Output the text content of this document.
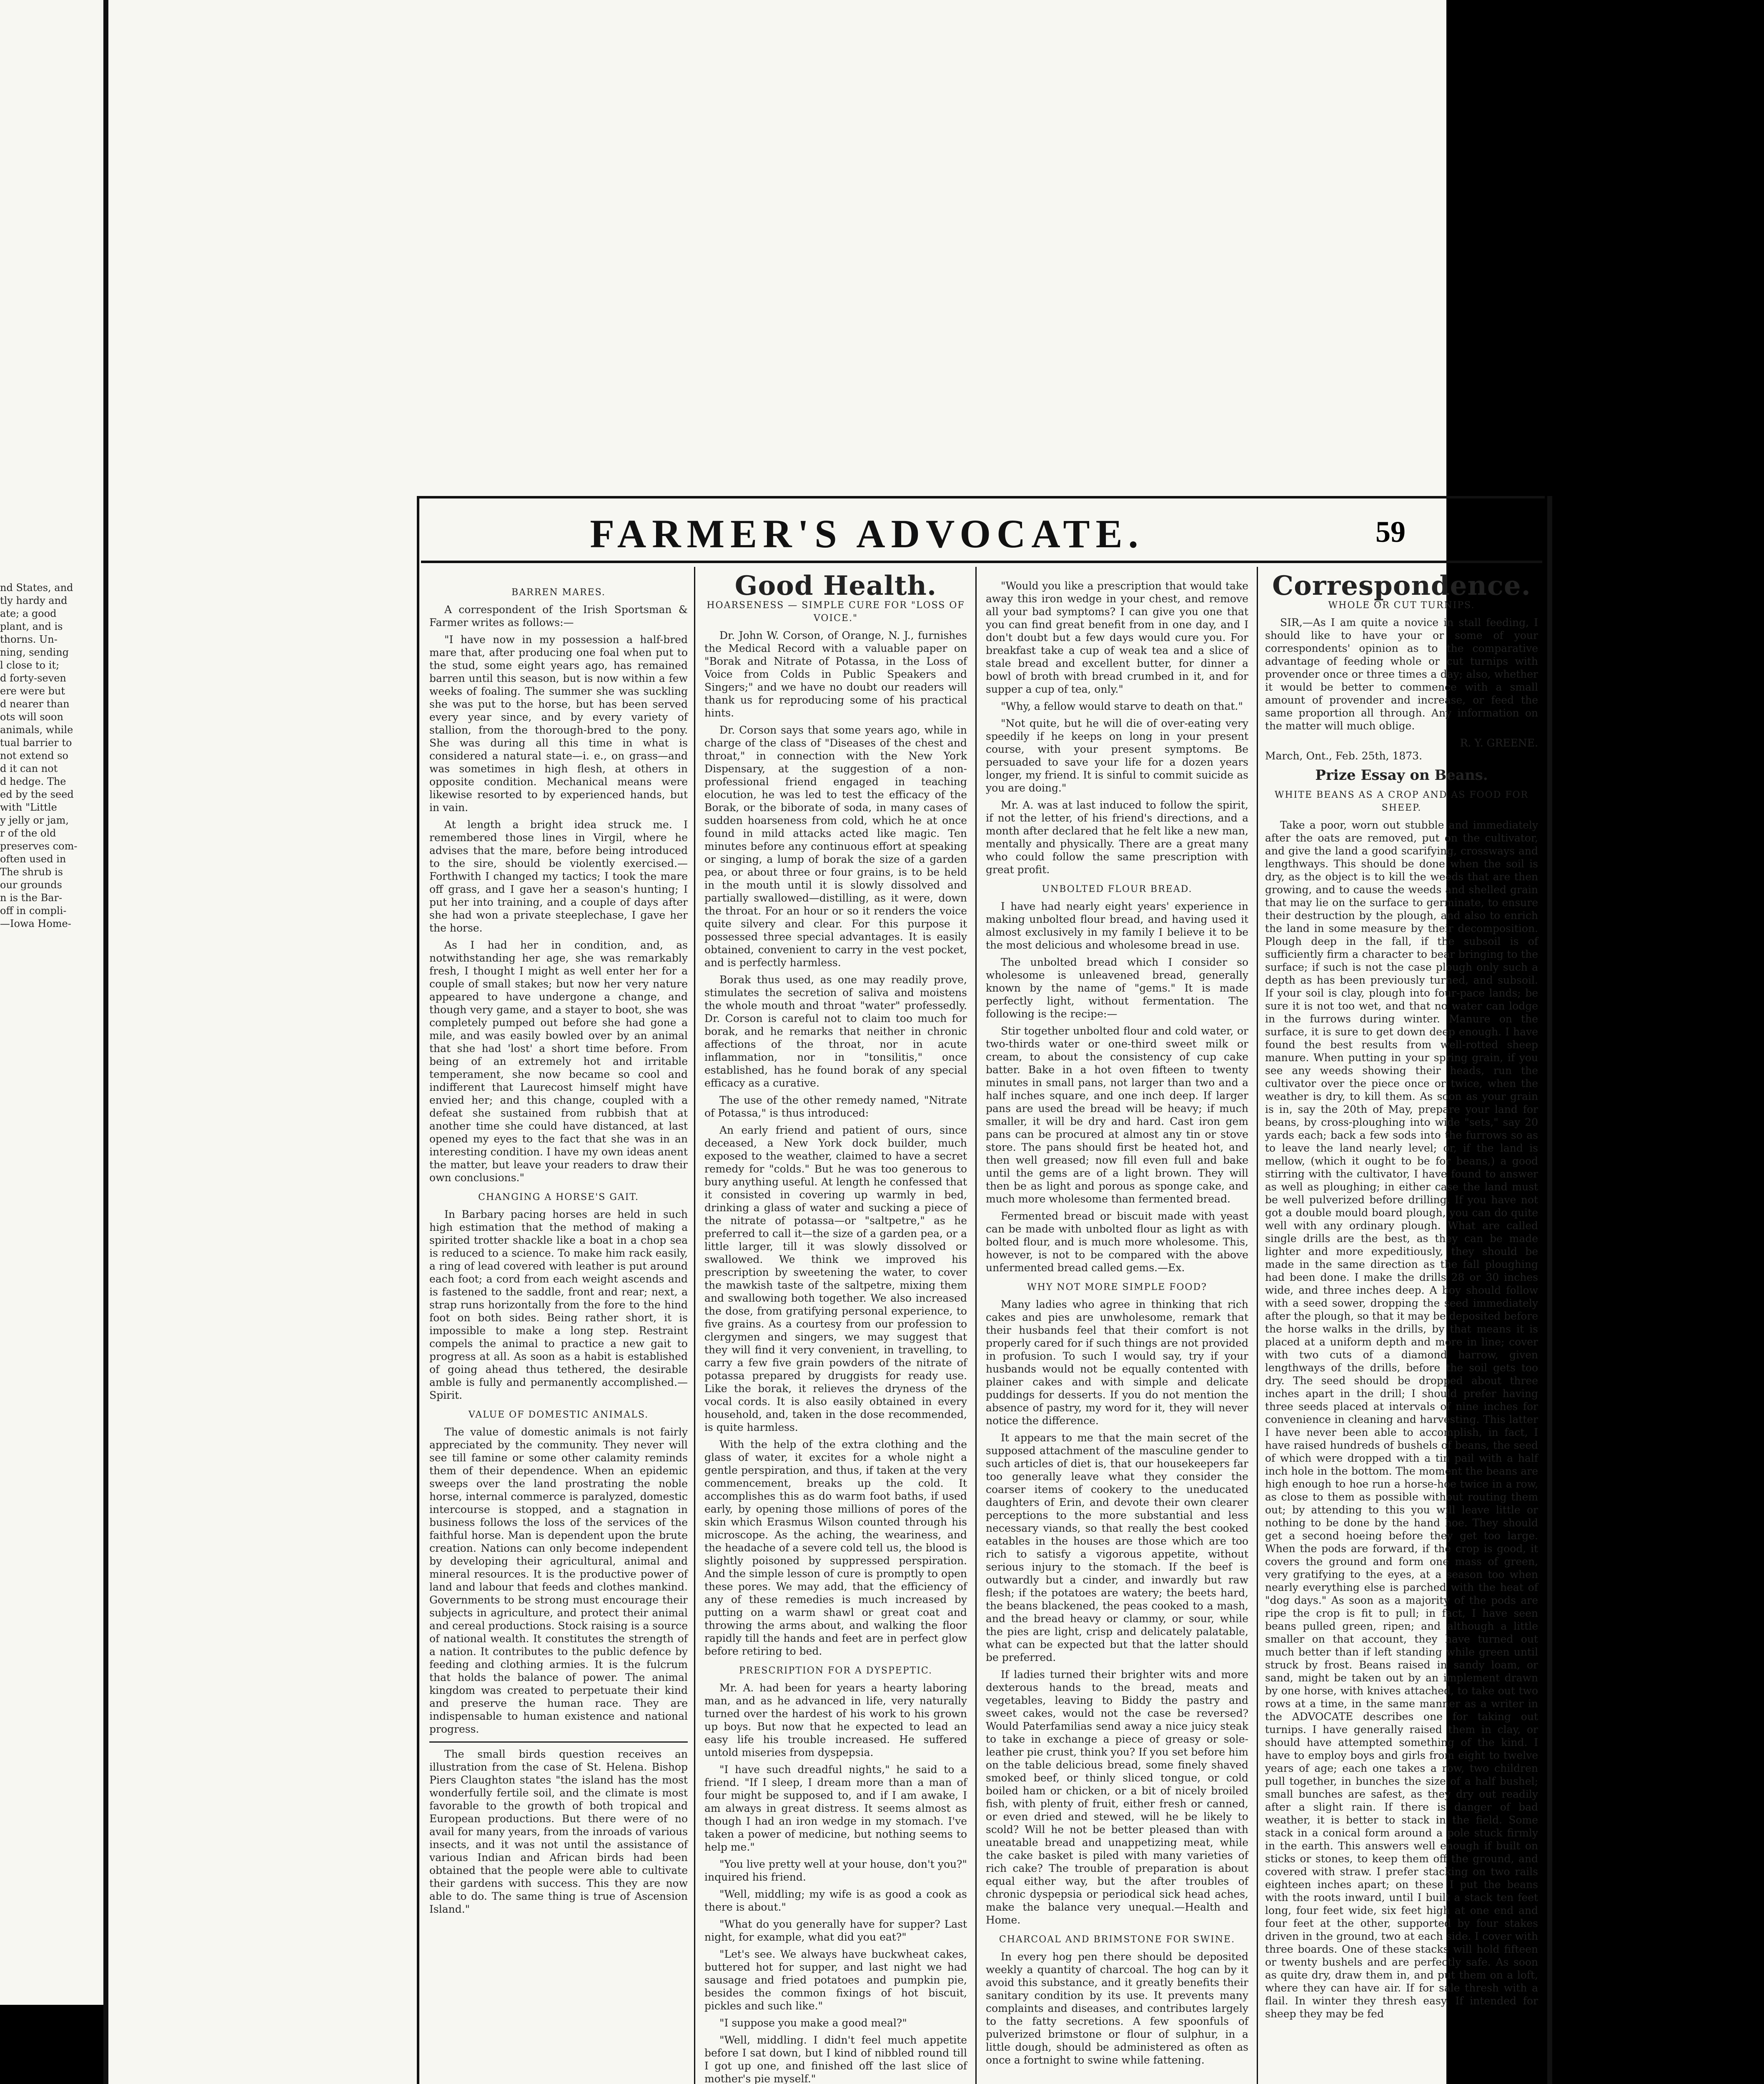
nd States, and
tly hardy and
ate; a good
plant, and is
thorns. Un-
ning, sending
l close to it;
d forty-seven
ere were but
d nearer than
ots will soon
animals, while
tual barrier to
not extend so
d it can not
d hedge. The
ed by the seed
with "Little
y jelly or jam,
r of the old
preserves com-
often used in
The shrub is
our grounds
n is the Bar-
off in compli-
—Iowa Home-
FARMER'S ADVOCATE.	59
BARREN MARES.

A correspondent of the Irish Sportsman & Farmer writes as follows:—

"I have now in my possession a half-bred mare that, after producing one foal when put to the stud, some eight years ago, has remained barren until this season, but is now within a few weeks of foaling. The summer she was suckling she was put to the horse, but has been served every year since, and by every variety of stallion, from the thorough-bred to the pony. She was during all this time in what is considered a natural state—i. e., on grass—and was sometimes in high flesh, at others in opposite condition. Mechanical means were likewise resorted to by experienced hands, but in vain.

At length a bright idea struck me. I remembered those lines in Virgil, where he advises that the mare, before being introduced to the sire, should be violently exercised.—Forthwith I changed my tactics; I took the mare off grass, and I gave her a season's hunting; I put her into training, and a couple of days after she had won a private steeplechase, I gave her the horse.

As I had her in condition, and, as notwithstanding her age, she was remarkably fresh, I thought I might as well enter her for a couple of small stakes; but now her very nature appeared to have undergone a change, and though very game, and a stayer to boot, she was completely pumped out before she had gone a mile, and was easily bowled over by an animal that she had 'lost' a short time before. From being of an extremely hot and irritable temperament, she now became so cool and indifferent that Laurecost himself might have envied her; and this change, coupled with a defeat she sustained from rubbish that at another time she could have distanced, at last opened my eyes to the fact that she was in an interesting condition. I have my own ideas anent the matter, but leave your readers to draw their own conclusions."

CHANGING A HORSE'S GAIT.

In Barbary pacing horses are held in such high estimation that the method of making a spirited trotter shackle like a boat in a chop sea is reduced to a science. To make him rack easily, a ring of lead covered with leather is put around each foot; a cord from each weight ascends and is fastened to the saddle, front and rear; next, a strap runs horizontally from the fore to the hind foot on both sides. Being rather short, it is impossible to make a long step. Restraint compels the animal to practice a new gait to progress at all. As soon as a habit is established of going ahead thus tethered, the desirable amble is fully and permanently accomplished.—Spirit.

VALUE OF DOMESTIC ANIMALS.

The value of domestic animals is not fairly appreciated by the community. They never will see till famine or some other calamity reminds them of their dependence. When an epidemic sweeps over the land prostrating the noble horse, internal commerce is paralyzed, domestic intercourse is stopped, and a stagnation in business follows the loss of the services of the faithful horse. Man is dependent upon the brute creation. Nations can only become independent by developing their agricultural, animal and mineral resources. It is the productive power of land and labour that feeds and clothes mankind. Governments to be strong must encourage their subjects in agriculture, and protect their animal and cereal productions. Stock raising is a source of national wealth. It constitutes the strength of a nation. It contributes to the public defence by feeding and clothing armies. It is the fulcrum that holds the balance of power. The animal kingdom was created to perpetuate their kind and preserve the human race. They are indispensable to human existence and national progress.

The small birds question receives an illustration from the case of St. Helena. Bishop Piers Claughton states "the island has the most wonderfully fertile soil, and the climate is most favorable to the growth of both tropical and European productions. But there were of no avail for many years, from the inroads of various insects, and it was not until the assistance of various Indian and African birds had been obtained that the people were able to cultivate their gardens with success. This they are now able to do. The same thing is true of Ascension Island."

Good Health.
HOARSENESS — SIMPLE CURE FOR "LOSS OF VOICE."

Dr. John W. Corson, of Orange, N. J., furnishes the Medical Record with a valuable paper on "Borak and Nitrate of Potassa, in the Loss of Voice from Colds in Public Speakers and Singers;" and we have no doubt our readers will thank us for reproducing some of his practical hints.

Dr. Corson says that some years ago, while in charge of the class of "Diseases of the chest and throat," in connection with the New York Dispensary, at the suggestion of a non-professional friend engaged in teaching elocution, he was led to test the efficacy of the Borak, or the biborate of soda, in many cases of sudden hoarseness from cold, which he at once found in mild attacks acted like magic. Ten minutes before any continuous effort at speaking or singing, a lump of borak the size of a garden pea, or about three or four grains, is to be held in the mouth until it is slowly dissolved and partially swallowed—distilling, as it were, down the throat. For an hour or so it renders the voice quite silvery and clear. For this purpose it possessed three special advantages. It is easily obtained, convenient to carry in the vest pocket, and is perfectly harmless.

Borak thus used, as one may readily prove, stimulates the secretion of saliva and moistens the whole mouth and throat "water" professedly. Dr. Corson is careful not to claim too much for borak, and he remarks that neither in chronic affections of the throat, nor in acute inflammation, nor in "tonsilitis," once established, has he found borak of any special efficacy as a curative.

The use of the other remedy named, "Nitrate of Potassa," is thus introduced:

An early friend and patient of ours, since deceased, a New York dock builder, much exposed to the weather, claimed to have a secret remedy for "colds." But he was too generous to bury anything useful. At length he confessed that it consisted in covering up warmly in bed, drinking a glass of water and sucking a piece of the nitrate of potassa—or "saltpetre," as he preferred to call it—the size of a garden pea, or a little larger, till it was slowly dissolved or swallowed. We think we improved his prescription by sweetening the water, to cover the mawkish taste of the saltpetre, mixing them and swallowing both together. We also increased the dose, from gratifying personal experience, to five grains. As a courtesy from our profession to clergymen and singers, we may suggest that they will find it very convenient, in travelling, to carry a few five grain powders of the nitrate of potassa prepared by druggists for ready use. Like the borak, it relieves the dryness of the vocal cords. It is also easily obtained in every household, and, taken in the dose recommended, is quite harmless.

With the help of the extra clothing and the glass of water, it excites for a whole night a gentle perspiration, and thus, if taken at the very commencement, breaks up the cold. It accomplishes this as do warm foot baths, if used early, by opening those millions of pores of the skin which Erasmus Wilson counted through his microscope. As the aching, the weariness, and the headache of a severe cold tell us, the blood is slightly poisoned by suppressed perspiration. And the simple lesson of cure is promptly to open these pores. We may add, that the efficiency of any of these remedies is much increased by putting on a warm shawl or great coat and throwing the arms about, and walking the floor rapidly till the hands and feet are in perfect glow before retiring to bed.

PRESCRIPTION FOR A DYSPEPTIC.

Mr. A. had been for years a hearty laboring man, and as he advanced in life, very naturally turned over the hardest of his work to his grown up boys. But now that he expected to lead an easy life his trouble increased. He suffered untold miseries from dyspepsia.

"I have such dreadful nights," he said to a friend. "If I sleep, I dream more than a man of four might be supposed to, and if I am awake, I am always in great distress. It seems almost as though I had an iron wedge in my stomach. I've taken a power of medicine, but nothing seems to help me."

"You live pretty well at your house, don't you?" inquired his friend.

"Well, middling; my wife is as good a cook as there is about."

"What do you generally have for supper? Last night, for example, what did you eat?"

"Let's see. We always have buckwheat cakes, buttered hot for supper, and last night we had sausage and fried potatoes and pumpkin pie, besides the common fixings of hot biscuit, pickles and such like."

"I suppose you make a good meal?"

"Well, middling. I didn't feel much appetite before I sat down, but I kind of nibbled round till I got up one, and finished off the last slice of mother's pie myself."

"Would you like a prescription that would take away this iron wedge in your chest, and remove all your bad symptoms? I can give you one that you can find great benefit from in one day, and I don't doubt but a few days would cure you. For breakfast take a cup of weak tea and a slice of stale bread and excellent butter, for dinner a bowl of broth with bread crumbed in it, and for supper a cup of tea, only."

"Why, a fellow would starve to death on that."

"Not quite, but he will die of over-eating very speedily if he keeps on long in your present course, with your present symptoms. Be persuaded to save your life for a dozen years longer, my friend. It is sinful to commit suicide as you are doing."

Mr. A. was at last induced to follow the spirit, if not the letter, of his friend's directions, and a month after declared that he felt like a new man, mentally and physically. There are a great many who could follow the same prescription with great profit.

UNBOLTED FLOUR BREAD.

I have had nearly eight years' experience in making unbolted flour bread, and having used it almost exclusively in my family I believe it to be the most delicious and wholesome bread in use.

The unbolted bread which I consider so wholesome is unleavened bread, generally known by the name of "gems." It is made perfectly light, without fermentation. The following is the recipe:—

Stir together unbolted flour and cold water, or two-thirds water or one-third sweet milk or cream, to about the consistency of cup cake batter. Bake in a hot oven fifteen to twenty minutes in small pans, not larger than two and a half inches square, and one inch deep. If larger pans are used the bread will be heavy; if much smaller, it will be dry and hard. Cast iron gem pans can be procured at almost any tin or stove store. The pans should first be heated hot, and then well greased; now fill even full and bake until the gems are of a light brown. They will then be as light and porous as sponge cake, and much more wholesome than fermented bread.

Fermented bread or biscuit made with yeast can be made with unbolted flour as light as with bolted flour, and is much more wholesome. This, however, is not to be compared with the above unfermented bread called gems.—Ex.

WHY NOT MORE SIMPLE FOOD?

Many ladies who agree in thinking that rich cakes and pies are unwholesome, remark that their husbands feel that their comfort is not properly cared for if such things are not provided in profusion. To such I would say, try if your husbands would not be equally contented with plainer cakes and with simple and delicate puddings for desserts. If you do not mention the absence of pastry, my word for it, they will never notice the difference.

It appears to me that the main secret of the supposed attachment of the masculine gender to such articles of diet is, that our housekeepers far too generally leave what they consider the coarser items of cookery to the uneducated daughters of Erin, and devote their own clearer perceptions to the more substantial and less necessary viands, so that really the best cooked eatables in the houses are those which are too rich to satisfy a vigorous appetite, without serious injury to the stomach. If the beef is outwardly but a cinder, and inwardly but raw flesh; if the potatoes are watery; the beets hard, the beans blackened, the peas cooked to a mash, and the bread heavy or clammy, or sour, while the pies are light, crisp and delicately palatable, what can be expected but that the latter should be preferred.

If ladies turned their brighter wits and more dexterous hands to the bread, meats and vegetables, leaving to Biddy the pastry and sweet cakes, would not the case be reversed? Would Paterfamilias send away a nice juicy steak to take in exchange a piece of greasy or sole-leather pie crust, think you? If you set before him on the table delicious bread, some finely shaved smoked beef, or thinly sliced tongue, or cold boiled ham or chicken, or a bit of nicely broiled fish, with plenty of fruit, either fresh or canned, or even dried and stewed, will he be likely to scold? Will he not be better pleased than with uneatable bread and unappetizing meat, while the cake basket is piled with many varieties of rich cake? The trouble of preparation is about equal either way, but the after troubles of chronic dyspepsia or periodical sick head aches, make the balance very unequal.—Health and Home.

CHARCOAL AND BRIMSTONE FOR SWINE.

In every hog pen there should be deposited weekly a quantity of charcoal. The hog can by it avoid this substance, and it greatly benefits their sanitary condition by its use. It prevents many complaints and diseases, and contributes largely to the fatty secretions. A few spoonfuls of pulverized brimstone or flour of sulphur, in a little dough, should be administered as often as once a fortnight to swine while fattening.

Correspondence.
WHOLE OR CUT TURNIPS.

SIR,—As I am quite a novice in stall feeding, I should like to have your or some of your correspondents' opinion as to the comparative advantage of feeding whole or cut turnips with provender once or three times a day; also, whether it would be better to commence with a small amount of provender and increase, or feed the same proportion all through. Any information on the matter will much oblige.

R. Y. GREENE.
March, Ont., Feb. 25th, 1873.
Prize Essay on Beans.
WHITE BEANS AS A CROP AND AS FOOD FOR SHEEP.

Take a poor, worn out stubble and immediately after the oats are removed, put on the cultivator, and give the land a good scarifying, crossways and lengthways. This should be done when the soil is dry, as the object is to kill the weeds that are then growing, and to cause the weeds and shelled grain that may lie on the surface to germinate, to ensure their destruction by the plough, and also to enrich the land in some measure by their decomposition. Plough deep in the fall, if the subsoil is of sufficiently firm a character to bear bringing to the surface; if such is not the case plough only such a depth as has been previously turned, and subsoil. If your soil is clay, plough into four-pace lands; be sure it is not too wet, and that no water can lodge in the furrows during winter. Manure on the surface, it is sure to get down deep enough. I have found the best results from well-rotted sheep manure. When putting in your spring grain, if you see any weeds showing their heads, run the cultivator over the piece once or twice, when the weather is dry, to kill them. As soon as your grain is in, say the 20th of May, prepare your land for beans, by cross-ploughing into wide "sets," say 20 yards each; back a few sods into the furrows so as to leave the land nearly level; or, if the land is mellow, (which it ought to be for beans,) a good stirring with the cultivator, I have found to answer as well as ploughing; in either case the land must be well pulverized before drilling. If you have not got a double mould board plough, you can do quite well with any ordinary plough. What are called single drills are the best, as they can be made lighter and more expeditiously, they should be made in the same direction as the fall ploughing had been done. I make the drills 28 or 30 inches wide, and three inches deep. A boy should follow with a seed sower, dropping the seed immediately after the plough, so that it may be deposited before the horse walks in the drills, by that means it is placed at a uniform depth and more in line; cover with two cuts of a diamond harrow, given lengthways of the drills, before the soil gets too dry. The seed should be dropped about three inches apart in the drill; I should prefer having three seeds placed at intervals of nine inches for convenience in cleaning and harvesting. This latter I have never been able to accomplish, in fact, I have raised hundreds of bushels of beans, the seed of which were dropped with a tin pail with a half inch hole in the bottom. The moment the beans are high enough to hoe run a horse-hoe twice in a row, as close to them as possible without routing them out; by attending to this you will leave little or nothing to be done by the hand hoe. They should get a second hoeing before they get too large. When the pods are forward, if the crop is good, it covers the ground and form one mass of green, very gratifying to the eyes, at a season too when nearly everything else is parched with the heat of "dog days." As soon as a majority of the pods are ripe the crop is fit to pull; in fact, I have seen beans pulled green, ripen; and although a little smaller on that account, they have turned out much better than if left standing while green until struck by frost. Beans raised in sandy loam, or sand, might be taken out by an implement drawn by one horse, with knives attached, to take out two rows at a time, in the same manner as a writer in the ADVOCATE describes one for taking out turnips. I have generally raised them in clay, or should have attempted something of the kind. I have to employ boys and girls from eight to twelve years of age; each one takes a row, two children pull together, in bunches the size of a half bushel; small bunches are safest, as they dry out readily after a slight rain. If there is danger of bad weather, it is better to stack in the field. Some stack in a conical form around a pole stuck firmly in the earth. This answers well enough if built on sticks or stones, to keep them off the ground, and covered with straw. I prefer stacking on two rails eighteen inches apart; on these I put the beans with the roots inward, until I built a stack ten feet long, four feet wide, six feet high at one end and four feet at the other, supported by four stakes driven in the ground, two at each side. I cover with three boards. One of these stacks will hold fifteen or twenty bushels and are perfectly safe. As soon as quite dry, draw them in, and put them on a loft, where they can have air. If for sale thresh with a flail. In winter they thresh easy. If intended for sheep they may be fed
